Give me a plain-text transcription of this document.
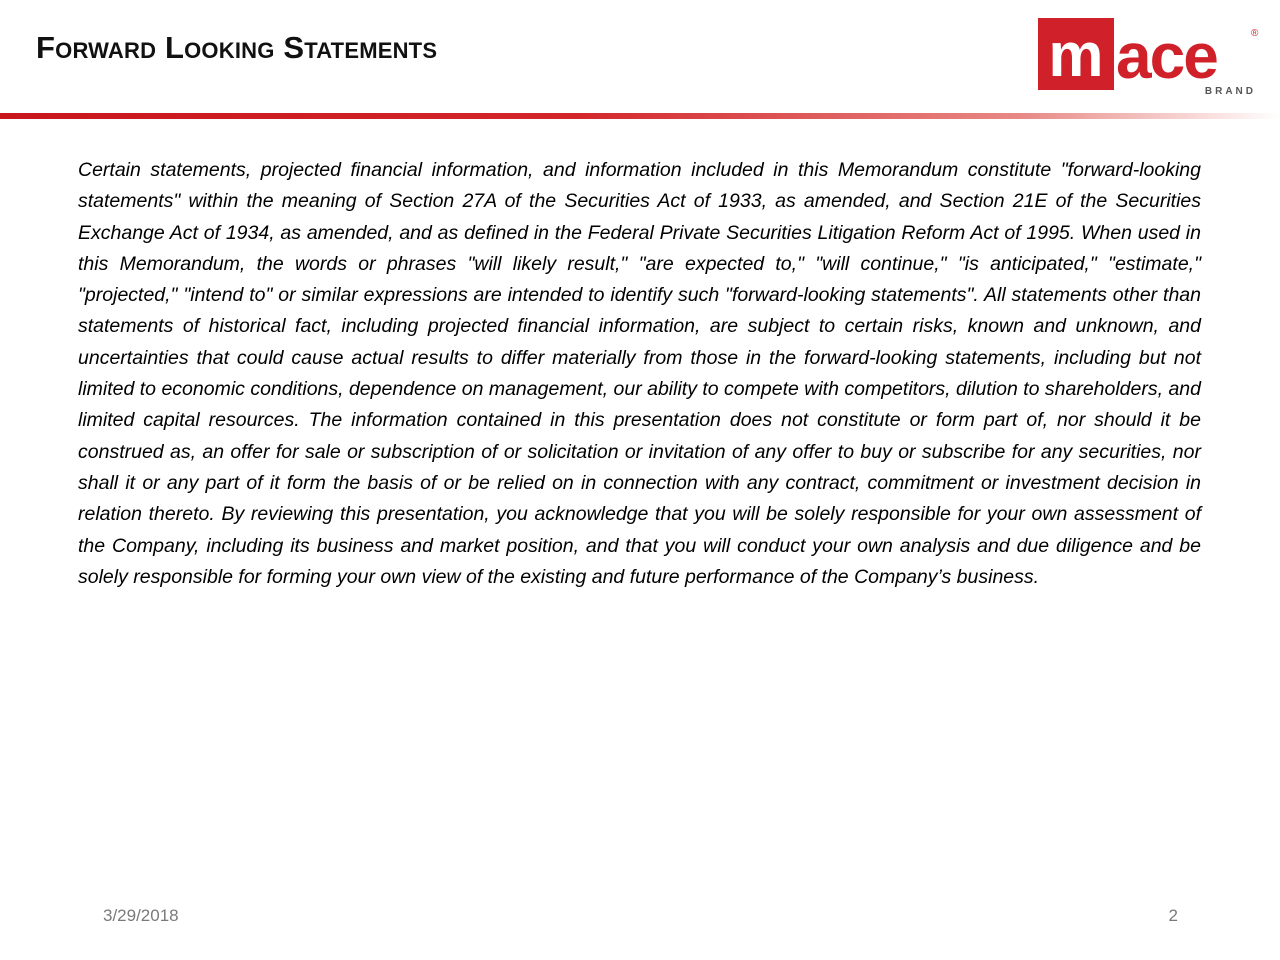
Forward Looking Statements	m ace	®
BRAND

Certain statements, projected financial information, and information included in this Memorandum constitute "forward-looking statements" within the meaning of Section 27A of the Securities Act of 1933, as amended, and Section 21E of the Securities Exchange Act of 1934, as amended, and as defined in the Federal Private Securities Litigation Reform Act of 1995. When used in this Memorandum, the words or phrases "will likely result," "are expected to," "will continue," "is anticipated," "estimate," "projected," "intend to" or similar expressions are intended to identify such "forward-looking statements". All statements other than statements of historical fact, including projected financial information, are subject to certain risks, known and unknown, and uncertainties that could cause actual results to differ materially from those in the forward-looking statements, including but not limited to economic conditions, dependence on management, our ability to compete with competitors, dilution to shareholders, and limited capital resources. The information contained in this presentation does not constitute or form part of, nor should it be construed as, an offer for sale or subscription of or solicitation or invitation of any offer to buy or subscribe for any securities, nor shall it or any part of it form the basis of or be relied on in connection with any contract, commitment or investment decision in relation thereto. By reviewing this presentation, you acknowledge that you will be solely responsible for your own assessment of the Company, including its business and market position, and that you will conduct your own analysis and due diligence and be solely responsible for forming your own view of the existing and future performance of the Company’s business.

3/29/2018	2
